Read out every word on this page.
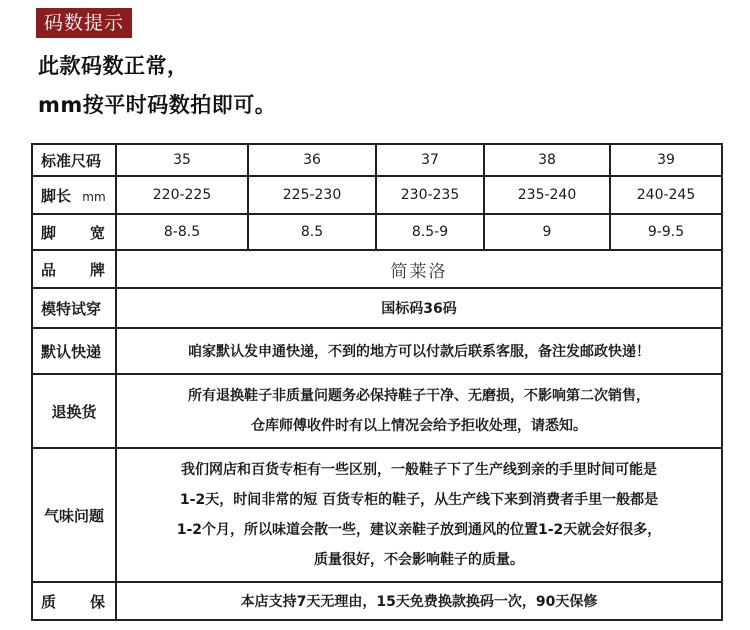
码数提示
此款码数正常，
mm按平时码数拍即可。
标准尺码	35	36	37	38	39
脚长 mm	220-225	225-230	230-235	235-240	240-245

脚 宽	8-8.5	8.5	8.5-9	9	9-9.5

品 牌	简莱洛				
模特试穿	国标码36码				
默认快递	咱家默认发申通快递，不到的地方可以付款后联系客服，备注发邮政快递！				
退换货	所有退换鞋子非质量问题务必保持鞋子干净、无磨损，不影响第二次销售，

仓库师傅收件时有以上情况会给予拒收处理，请悉知。				

气味问题	我们网店和百货专柜有一些区别，一般鞋子下了生产线到亲的手里时间可能是

1-2天，时间非常的短 百货专柜的鞋子，从生产线下来到消费者手里一般都是

1-2个月，所以味道会散一些，建议亲鞋子放到通风的位置1-2天就会好很多，

质量很好，不会影响鞋子的质量。				

质 保	本店支持7天无理由，15天免费换款换码一次，90天保修				
